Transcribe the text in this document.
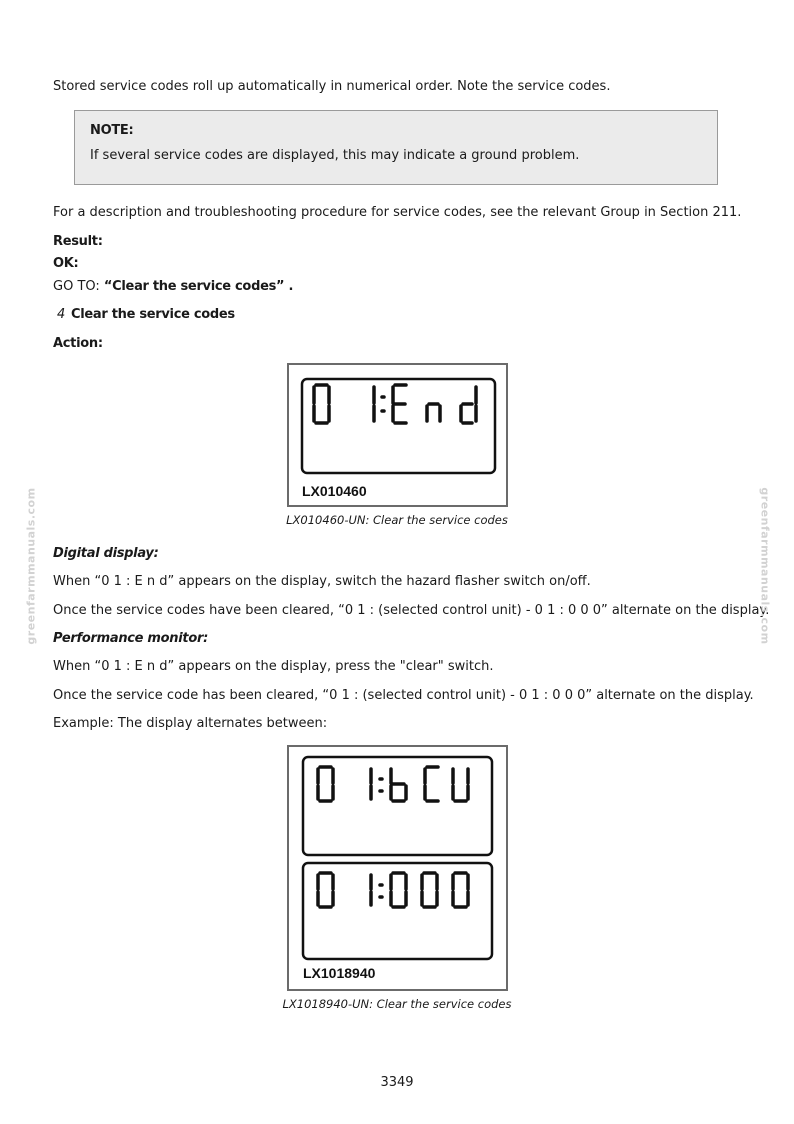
Stored service codes roll up automatically in numerical order. Note the service codes.

NOTE:
If several service codes are displayed, this may indicate a ground problem.

For a description and troubleshooting procedure for service codes, see the relevant Group in Section 211.

Result:

OK:

GO TO: “Clear the service codes” .

4 Clear the service codes

Action:

LX010460
LX010460-UN: Clear the service codes

Digital display:

When “0 1 : E n d” appears on the display, switch the hazard flasher switch on/off.

Once the service codes have been cleared, “0 1 : (selected control unit) - 0 1 : 0 0 0” alternate on the display.

Performance monitor:

When “0 1 : E n d” appears on the display, press the "clear" switch.

Once the service code has been cleared, “0 1 : (selected control unit) - 0 1 : 0 0 0” alternate on the display.

Example: The display alternates between:

LX1018940
LX1018940-UN: Clear the service codes
greenfarmmanuals.com	greenfarmmanuals.com
3349
